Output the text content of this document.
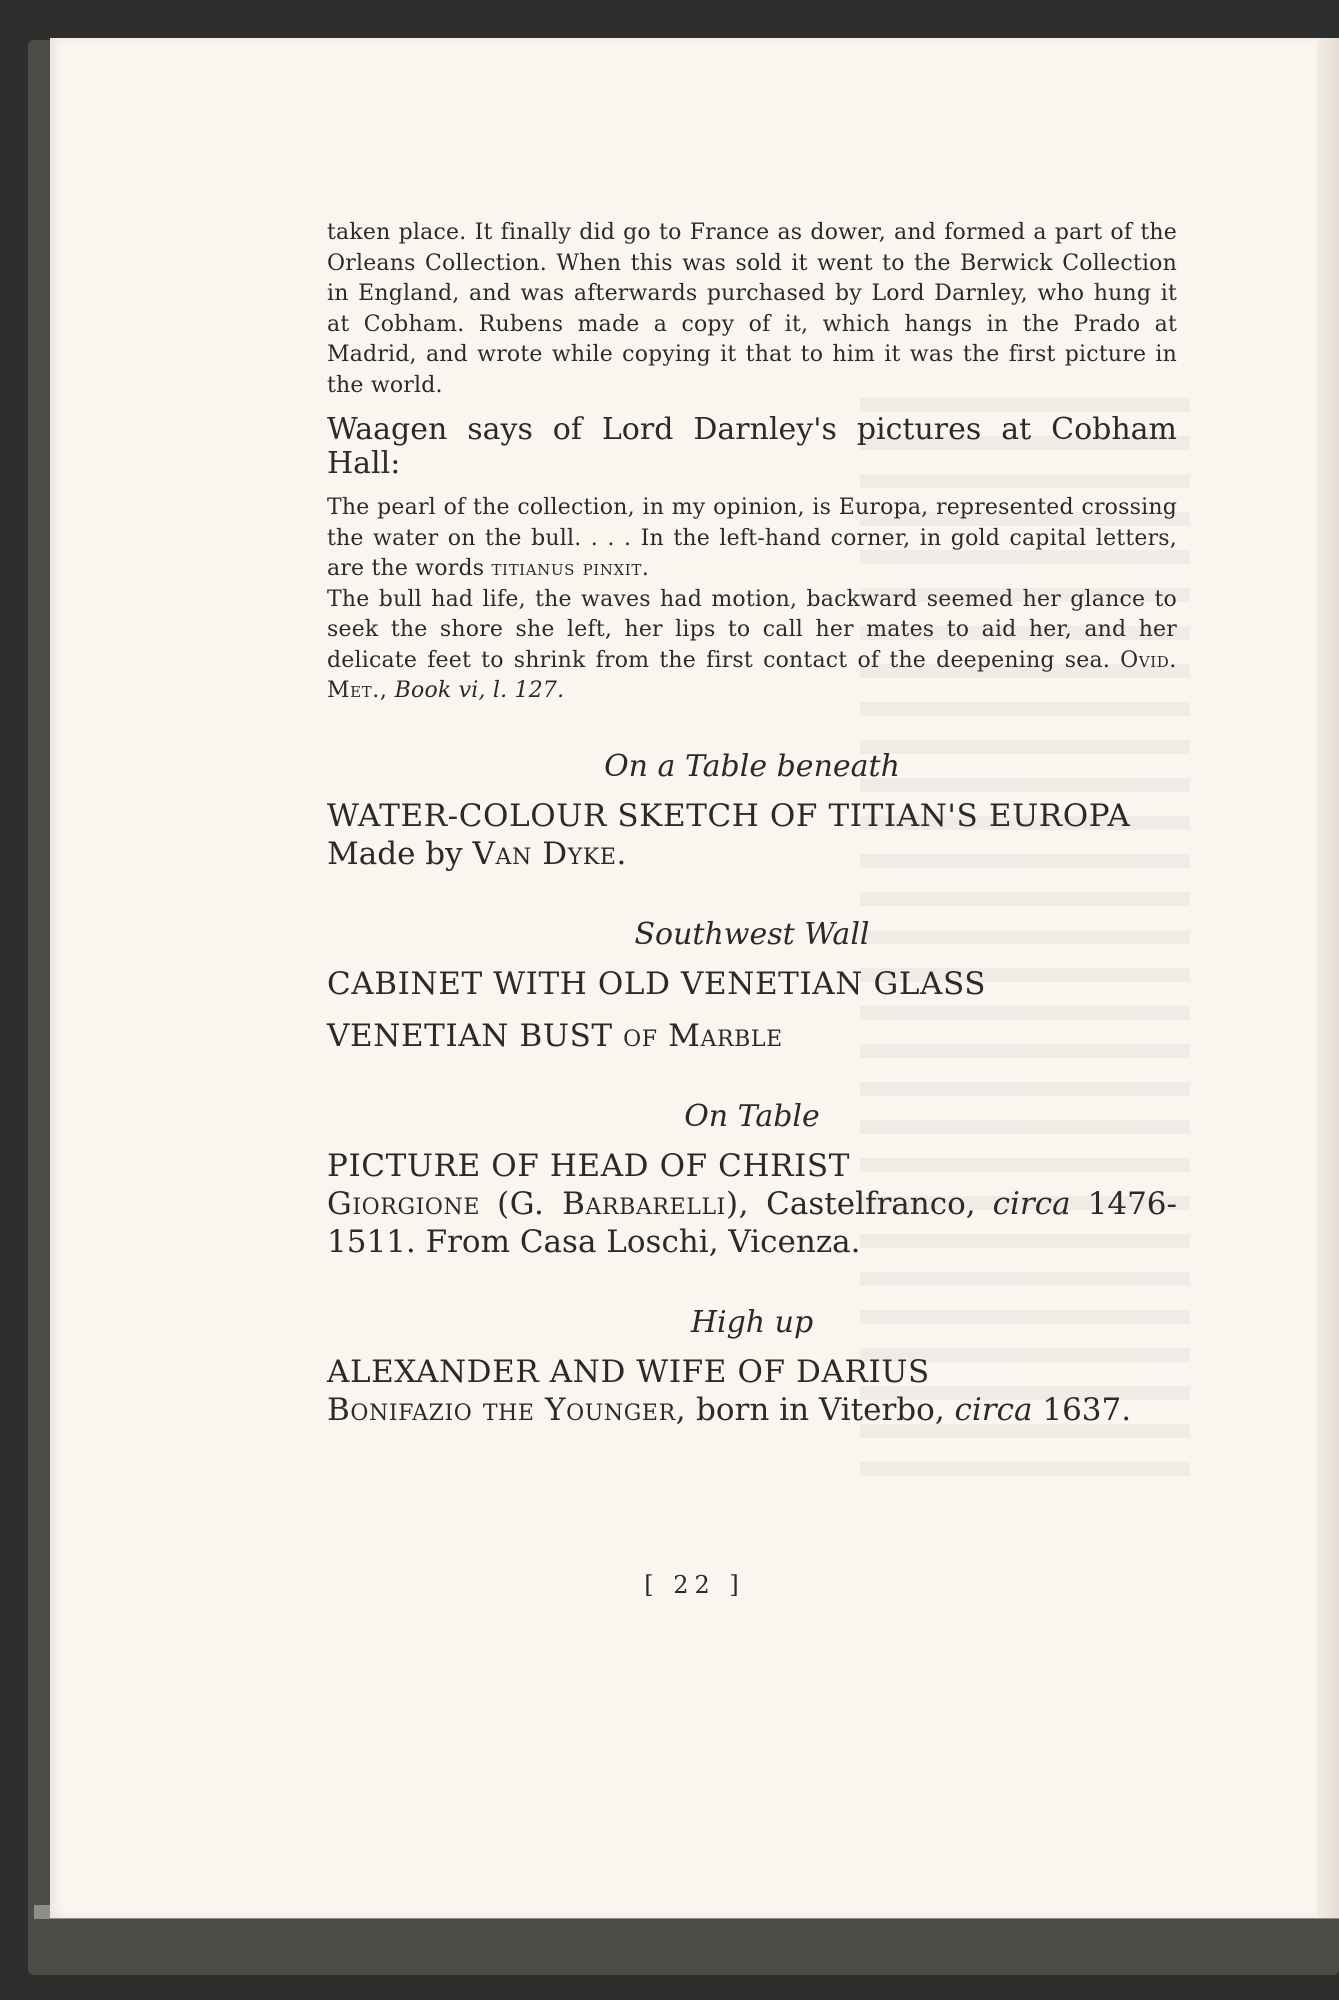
taken place. It finally did go to France as dower, and formed a part of the Orleans Collection. When this was sold it went to the Berwick Collection in England, and was afterwards purchased by Lord Darnley, who hung it at Cobham. Rubens made a copy of it, which hangs in the Prado at Madrid, and wrote while copying it that to him it was the first picture in the world.

Waagen says of Lord Darnley's pictures at Cobham Hall:

The pearl of the collection, in my opinion, is Europa, represented crossing the water on the bull. . . . In the left-hand corner, in gold capital letters, are the words titianus pinxit.

The bull had life, the waves had motion, backward seemed her glance to seek the shore she left, her lips to call her mates to aid her, and her delicate feet to shrink from the first contact of the deepening sea. Ovid. Met., Book vi, l. 127.

On a Table beneath

WATER-COLOUR SKETCH OF TITIAN'S EUROPA

Made by Van Dyke.

Southwest Wall

CABINET WITH OLD VENETIAN GLASS

VENETIAN BUST of Marble

On Table

PICTURE OF HEAD OF CHRIST

Giorgione (G. Barbarelli), Castelfranco, circa 1476-1511. From Casa Loschi, Vicenza.

High up

ALEXANDER AND WIFE OF DARIUS

Bonifazio the Younger, born in Viterbo, circa 1637.

[ 22 ]
